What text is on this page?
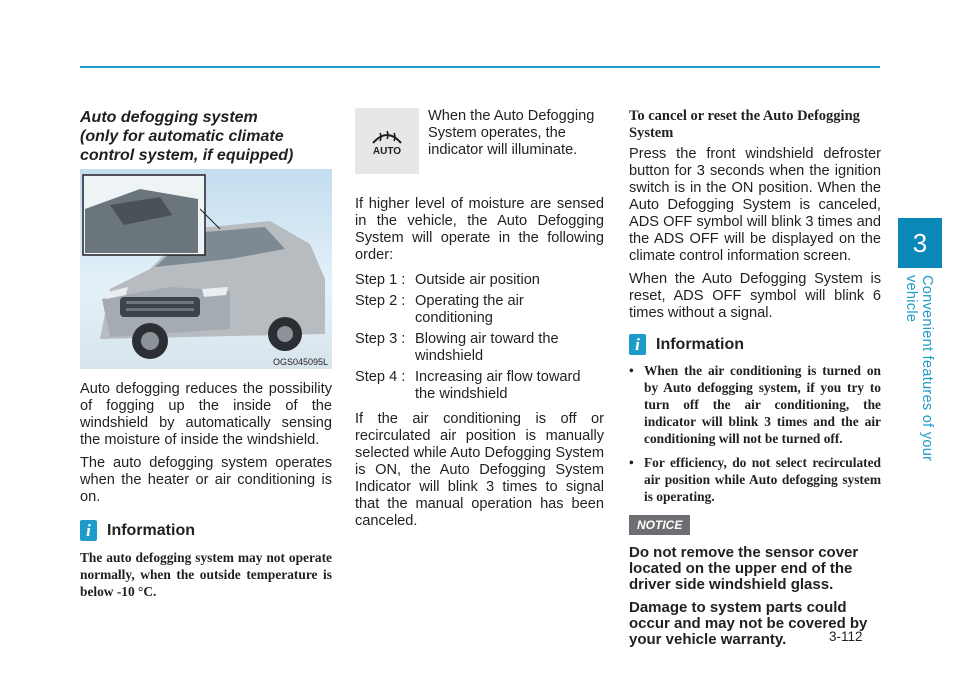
Auto defogging system

(only for automatic climate

control system, if equipped)

OGS045095L

Auto defogging reduces the possibility of fogging up the inside of the windshield by automatically sensing the moisture of inside the windshield.

The auto defogging system operates when the heater or air conditioning is on.

i	Information
The auto defogging system may not operate normally, when the outside temperature is below -10 °C.
AUTO

When the Auto Defogging System operates, the indicator will illuminate.

If higher level of moisture are sensed in the vehicle, the Auto Defogging System will operate in the following order:

Step 1 : Outside air position
Step 2 : Operating the air conditioning
Step 3 : Blowing air toward the windshield
Step 4 : Increasing air flow toward the windshield

If the air conditioning is off or recirculated air position is manually selected while Auto Defogging System is ON, the Auto Defogging System Indicator will blink 3 times to signal that the manual operation has been canceled.

To cancel or reset the Auto Defogging System

Press the front windshield defroster button for 3 seconds when the ignition switch is in the ON position. When the Auto Defogging System is canceled, ADS OFF symbol will blink 3 times and the ADS OFF will be displayed on the climate control information screen.

When the Auto Defogging System is reset, ADS OFF symbol will blink 6 times without a signal.

i	Information
• When the air conditioning is turned on by Auto defogging system, if you try to turn off the air conditioning, the indicator will blink 3 times and the air conditioning will not be turned off.
• For efficiency, do not select recirculated air position while Auto defogging system is operating.
NOTICE

Do not remove the sensor cover located on the upper end of the driver side windshield glass.

Damage to system parts could occur and may not be covered by your vehicle warranty.

3
Convenient features of your vehicle
3-112
